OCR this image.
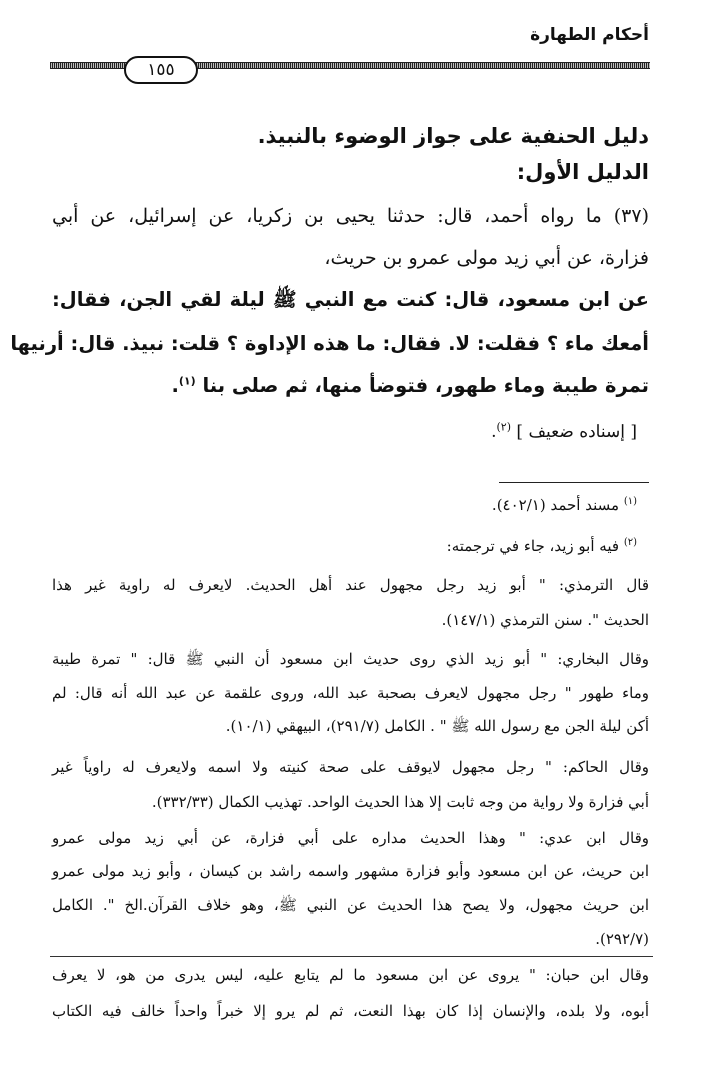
أحكام الطهارة
١٥٥
دليل الحنفية على جواز الوضوء بالنبيذ.
الدليل الأول:
(٣٧) ما رواه أحمد، قال: حدثنا يحيى بن زكريا، عن إسرائيل، عن أبي
فزارة، عن أبي زيد مولى عمرو بن حريث،
عن ابن مسعود، قال: كنت مع النبي ﷺ ليلة لقي الجن، فقال:
أمعك ماء ؟ فقلت: لا. فقال: ما هذه الإداوة ؟ قلت: نبيذ. قال: أرنيها
تمرة طيبة وماء طهور، فتوضأ منها، ثم صلى بنا $^{(١)}$.
[ إسناده ضعيف ] $^{(٢)}$.
$^{(١)}$ مسند أحمد (٤٠٢/١).
$^{(٢)}$ فيه أبو زيد، جاء في ترجمته:
قال الترمذي: " أبو زيد رجل مجهول عند أهل الحديث. لايعرف له راوية غير هذا
الحديث ". سنن الترمذي (١٤٧/١).
وقال البخاري: " أبو زيد الذي روى حديث ابن مسعود أن النبي ﷺ قال: " تمرة طيبة
وماء طهور " رجل مجهول لايعرف بصحبة عبد الله، وروى علقمة عن عبد الله أنه قال: لم
أكن ليلة الجن مع رسول الله ﷺ " . الكامل (٢٩١/٧)، البيهقي (١٠/١).
وقال الحاكم: " رجل مجهول لايوقف على صحة كنيته ولا اسمه ولايعرف له راوياً غير
أبي فزارة ولا رواية من وجه ثابت إلا هذا الحديث الواحد. تهذيب الكمال (٣٣٢/٣٣).
وقال ابن عدي: " وهذا الحديث مداره على أبي فزارة، عن أبي زيد مولى عمرو
ابن حريث، عن ابن مسعود وأبو فزارة مشهور واسمه راشد بن كيسان ، وأبو زيد مولى عمرو
ابن حريث مجهول، ولا يصح هذا الحديث عن النبي ﷺ، وهو خلاف القرآن.الخ ". الكامل
(٢٩٢/٧).
وقال ابن حبان: " يروى عن ابن مسعود ما لم يتابع عليه، ليس يدرى من هو، لا يعرف
أبوه، ولا بلده، والإنسان إذا كان بهذا النعت، ثم لم يرو إلا خبراً واحداً خالف فيه الكتاب
